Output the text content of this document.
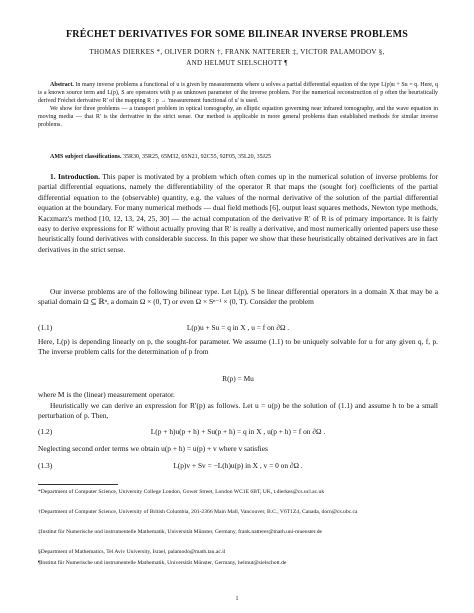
FRÉCHET DERIVATIVES FOR SOME BILINEAR INVERSE PROBLEMS
THOMAS DIERKES *, OLIVER DORN †, FRANK NATTERER ‡, VICTOR PALAMODOV §,
AND HELMUT SIELSCHOTT ¶
Abstract. In many inverse problems a functional of u is given by measurements where u solves a partial differential equation of the type L(p)u + Su = q. Here, q is a known source term and L(p), S are operators with p as unknown parameter of the inverse problem. For the numerical reconstruction of p often the heuristically derived Fréchet derivative R′ of the mapping R : p → 'measurement functional of u' is used.
We show for three problems — a transport problem in optical tomography, an elliptic equation governing near infrared tomography, and the wave equation in moving media — that R′ is the derivative in the strict sense. Our method is applicable in more general problems than established methods for similar inverse problems.
AMS subject classifications. 35R30, 35R25, 65M32, 65N21, 92C55, 92F05, 35L20, 35J25
1. Introduction. This paper is motivated by a problem which often comes up in the numerical solution of inverse problems for partial differential equations, namely the differentiability of the operator R that maps the (sought for) coefficients of the partial differential equation to the (observable) quantity, e.g. the values of the normal derivative of the solution of the partial differential equation at the boundary. For many numerical methods — dual field methods [6], output least squares methods, Newton type methods, Kaczmarz's method [10, 12, 13, 24, 25, 30] — the actual computation of the derivative R′ of R is of primary importance. It is fairly easy to derive expressions for R′ without actually proving that R′ is really a derivative, and most numerically oriented papers use these heuristically found derivatives with considerable success. In this paper we show that these heuristically obtained derivatives are in fact derivatives in the strict sense.
Our inverse problems are of the following bilinear type. Let L(p), S be linear differential operators in a domain X that may be a spatial domain Ω ⊆ ℝⁿ, a domain Ω × (0, T) or even Ω × Sⁿ⁻¹ × (0, T). Consider the problem
(1.1)	L(p)u + Su = q in X , u = f on ∂Ω .
Here, L(p) is depending linearly on p, the sought-for parameter. We assume (1.1) to be uniquely solvable for u for any given q, f, p. The inverse problem calls for the determination of p from
R(p) = Mu
where M is the (linear) measurement operator.
Heuristically we can derive an expression for R′(p) as follows. Let u = u(p) be the solution of (1.1) and assume h to be a small perturbation of p. Then,
(1.2)	L(p + h)u(p + h) + Su(p + h) = q in X , u(p + h) = f on ∂Ω .
Neglecting second order terms we obtain u(p + h) = u(p) + v where v satisfies
(1.3)	L(p)v + Sv = −L(h)u(p) in X , v = 0 on ∂Ω .
*Department of Computer Science, University College London, Gower Street, London WC1E 6BT, UK, t.dierkes@cs.ucl.ac.uk
†Department of Computer Science, University of British Columbia, 201-2366 Main Mall, Vancouver, B.C., V6T1Z4, Canada, dorn@cs.ubc.ca
‡Institut für Numerische und instrumentelle Mathematik, Universität Münster, Germany, frank.natterer@math.uni-muenster.de
§Department of Mathematics, Tel Aviv University, Israel, palamodo@math.tau.ac.il
¶Institut für Numerische und instrumentelle Mathematik, Universität Münster, Germany, helmut@sielschott.de
1
